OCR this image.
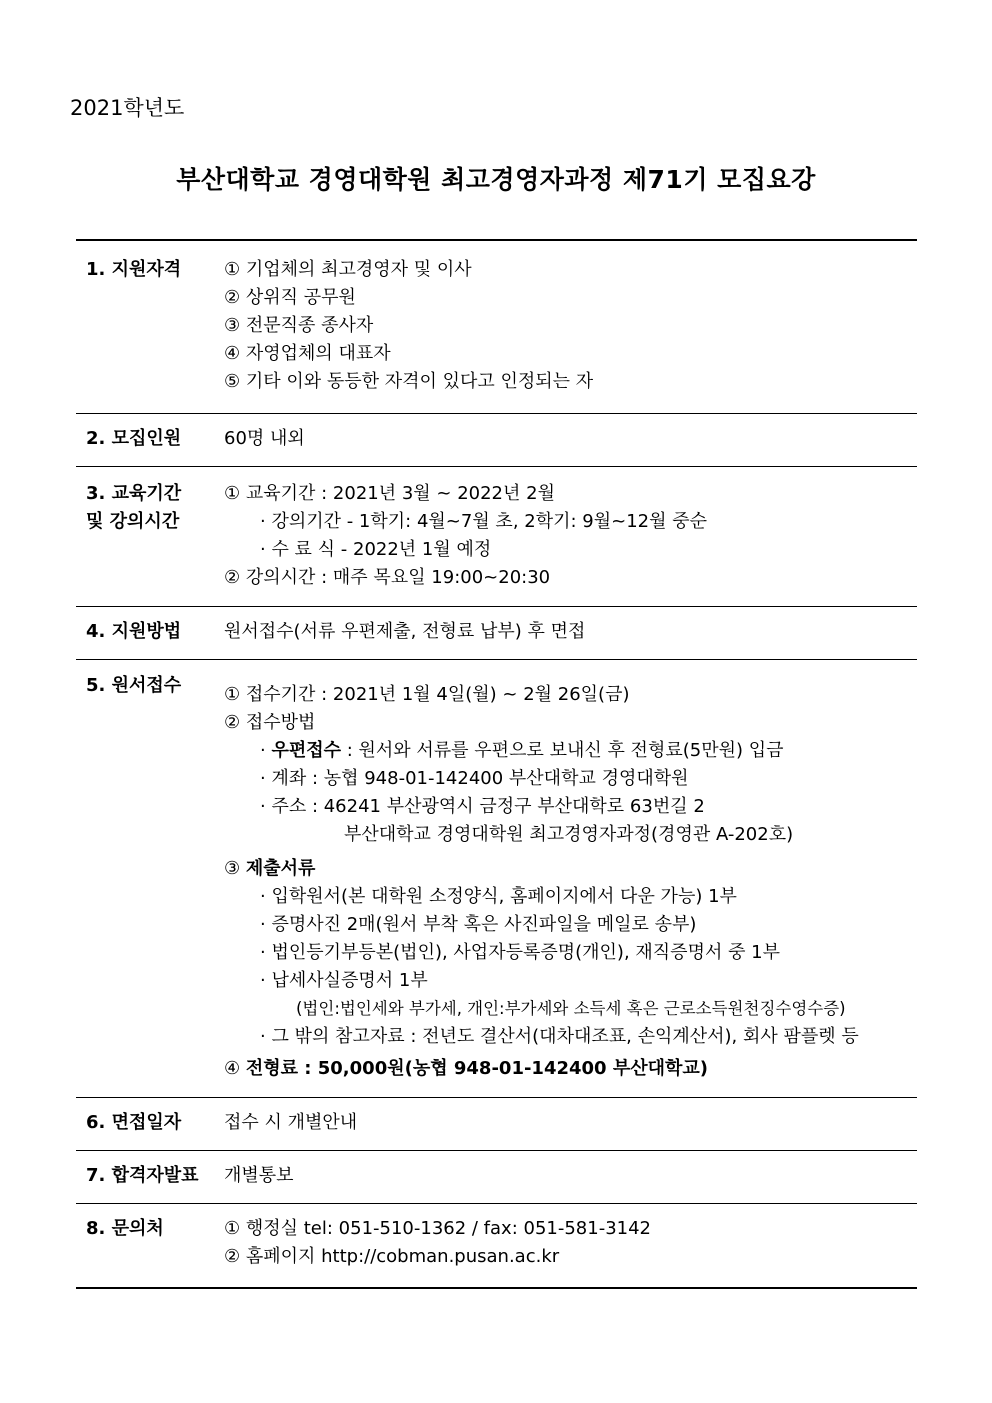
2021학년도
부산대학교 경영대학원 최고경영자과정 제71기 모집요강
1. 지원자격 ① 기업체의 최고경영자 및 이사
② 상위직 공무원
③ 전문직종 종사자
④ 자영업체의 대표자
⑤ 기타 이와 동등한 자격이 있다고 인정되는 자
2. 모집인원 60명 내외
3. 교육기간
및 강의시간
① 교육기간 : 2021년 3월 ~ 2022년 2월
· 강의기간 - 1학기: 4월~7월 초, 2학기: 9월~12월 중순
· 수 료 식 - 2022년 1월 예정
② 강의시간 : 매주 목요일 19:00~20:30
4. 지원방법 원서접수(서류 우편제출, 전형료 납부) 후 면접
5. 원서접수 ① 접수기간 : 2021년 1월 4일(월) ~ 2월 26일(금)
② 접수방법
· 우편접수 : 원서와 서류를 우편으로 보내신 후 전형료(5만원) 입금
· 계좌 : 농협 948-01-142400 부산대학교 경영대학원
· 주소 : 46241 부산광역시 금정구 부산대학로 63번길 2
부산대학교 경영대학원 최고경영자과정(경영관 A-202호)
③ 제출서류
· 입학원서(본 대학원 소정양식, 홈페이지에서 다운 가능) 1부
· 증명사진 2매(원서 부착 혹은 사진파일을 메일로 송부)
· 법인등기부등본(법인), 사업자등록증명(개인), 재직증명서 중 1부
· 납세사실증명서 1부
(법인:법인세와 부가세, 개인:부가세와 소득세 혹은 근로소득원천징수영수증)
· 그 밖의 참고자료 : 전년도 결산서(대차대조표, 손익계산서), 회사 팜플렛 등
④ 전형료 : 50,000원(농협 948-01-142400 부산대학교)
6. 면접일자 접수 시 개별안내
7. 합격자발표 개별통보
8. 문의처	① 행정실 tel: 051-510-1362 / fax: 051-581-3142
② 홈페이지 http://cobman.pusan.ac.kr
